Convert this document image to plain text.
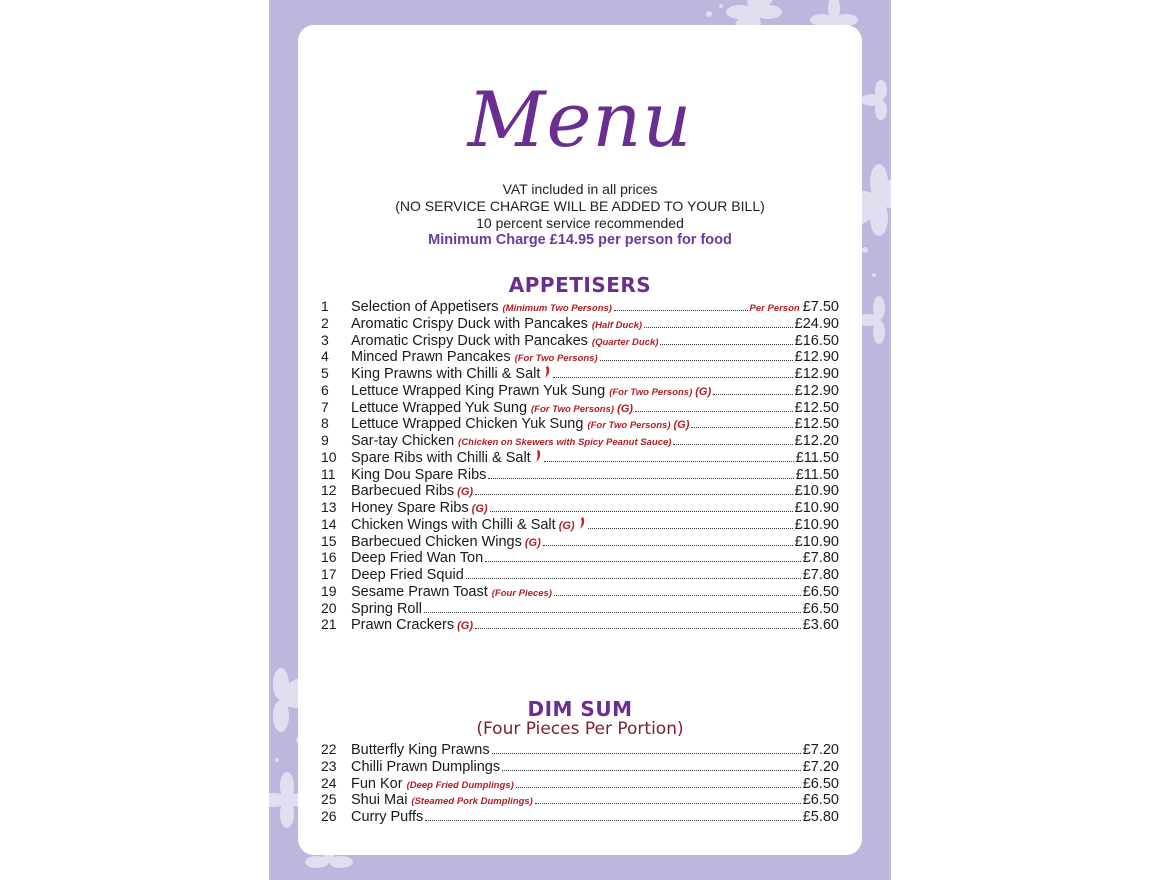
Menu
VAT included in all prices
(NO SERVICE CHARGE WILL BE ADDED TO YOUR BILL)
10 percent service recommended
Minimum Charge £14.95 per person for food
APPETISERS
DIM SUM
(Four Pieces Per Portion)
1	Selection of Appetisers (Minimum Two Persons)	Per Person £7.50
2	Aromatic Crispy Duck with Pancakes (Half Duck)	£24.90
3	Aromatic Crispy Duck with Pancakes (Quarter Duck)	£16.50
4	Minced Prawn Pancakes (For Two Persons)	£12.90
5	King Prawns with Chilli & Salt	£12.90
6	Lettuce Wrapped King Prawn Yuk Sung (For Two Persons) (G)	£12.90
7	Lettuce Wrapped Yuk Sung (For Two Persons) (G)	£12.50
8	Lettuce Wrapped Chicken Yuk Sung (For Two Persons) (G)	£12.50
9	Sar-tay Chicken (Chicken on Skewers with Spicy Peanut Sauce)	£12.20
10 Spare Ribs with Chilli & Salt	£11.50
11	King Dou Spare Ribs	£11.50
12 Barbecued Ribs (G)	£10.90
13 Honey Spare Ribs (G)	£10.90
14 Chicken Wings with Chilli & Salt (G)	£10.90
15 Barbecued Chicken Wings (G)	£10.90
16 Deep Fried Wan Ton	£7.80
17 Deep Fried Squid	£7.80
19 Sesame Prawn Toast (Four Pieces)	£6.50
20 Spring Roll	£6.50
21 Prawn Crackers (G)	£3.60
22 Butterfly King Prawns	£7.20
23 Chilli Prawn Dumplings	£7.20
24 Fun Kor (Deep Fried Dumplings)	£6.50
25 Shui Mai (Steamed Pork Dumplings)	£6.50
26 Curry Puffs	£5.80
